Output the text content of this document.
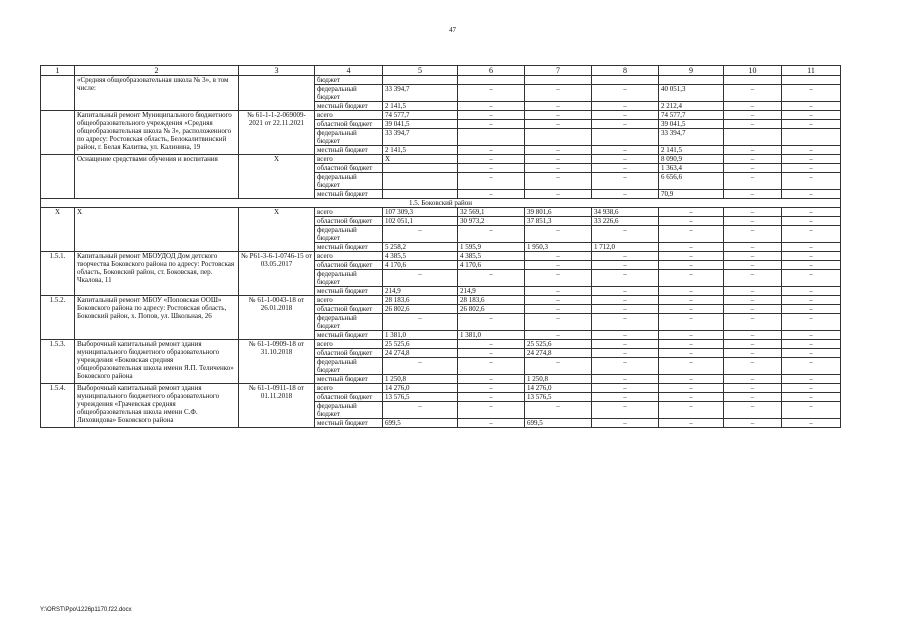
47
1	2	3	4	5	6	7	8	9	10	11
	«Средняя общеобразовательная школа № 3», в том числе:		бюджет							
			федеральный бюджет	33 394,7	–	–	–	40 051,3	–	–
			местный бюджет	2 141,5	–	–	–	2 212,4	–	–
	Капитальный ремонт Муниципального бюджетного общеобразовательного учреждения «Средняя общеобразовательная школа № 3», расположенного по адресу: Ростовская область, Белокалитвинский район, г. Белая Калитва, ул. Калинина, 19	№ 61-1-1-2-069009-2021 от 22.11.2021	всего	74 577,7	–	–	–	74 577,7	–	–
			областной бюджет	39 041,5	–	–	–	39 041,5	–	–
			федеральный бюджет	33 394,7				33 394,7		
			местный бюджет	2 141,5	–	–	–	2 141,5	–	–
	Оснащение средствами обучения и воспитания	Х	всего	Х	–	–	–	8 090,9	–	–
			областной бюджет		–	–	–	1 363,4	–	–
			федеральный бюджет		–	–	–	6 656,6	–	–
			местный бюджет		–	–	–	70,9	–	–
1.5. Боковский район										
Х	Х	Х	всего	107 309,3	32 569,1	39 801,6	34 938,6	–	–	–
			областной бюджет	102 051,1	30 973,2	37 851,3	33 226,6	–	–	–
			федеральный бюджет	–	–	–	–	–	–	–
			местный бюджет	5 258,2	1 595,9	1 950,3	1 712,0	–	–	–
1.5.1.	Капитальный ремонт МБОУДОД Дом детского творчества Боковского района по адресу: Ростовская область, Боковский район, ст. Боковская, пер. Чкалова, 11	№ Р61-3-6-1-0746-15 от 03.05.2017	всего	4 385,5	4 385,5	–	–	–	–	–
			областной бюджет	4 170,6	4 170,6	–	–	–	–	–
			федеральный бюджет	–	–	–	–	–	–	–
			местный бюджет	214,9	214,9	–	–	–	–	–
1.5.2.	Капитальный ремонт МБОУ «Поповская ООШ» Боковского района по адресу: Ростовская область, Боковский район, х. Попов, ул. Школьная, 26	№ 61-1-0043-18 от 26.01.2018	всего	28 183,6	28 183,6	–	–	–	–	–
			областной бюджет	26 802,6	26 802,6	–	–	–	–	–
			федеральный бюджет	–	–	–	–	–	–	–
			местный бюджет	1 381,0	1 381,0	–	–	–	–	–
1.5.3.	Выборочный капитальный ремонт здания муниципального бюджетного образовательного учреждения «Боковская средняя общеобразовательная школа имени Я.П. Теличенко» Боковского района	№ 61-1-0909-18 от 31.10.2018	всего	25 525,6	–	25 525,6	–	–	–	–
			областной бюджет	24 274,8	–	24 274,8	–	–	–	–
			федеральный бюджет	–	–	–	–	–	–	–
			местный бюджет	1 250,8	–	1 250,8	–	–	–	–
1.5.4.	Выборочный капитальный ремонт здания муниципального бюджетного образовательного учреждения «Грачевская средняя общеобразовательная школа имени С.Ф. Лиховидова» Боковского района	№ 61-1-0911-18 от 01.11.2018	всего	14 276,0	–	14 276,0	–	–	–	–
			областной бюджет	13 576,5	–	13 576,5	–	–	–	–
			федеральный бюджет	–	–	–	–	–	–	–
			местный бюджет	699,5	–	699,5	–	–	–	–
Y:\ORST\Ppo\1226p1170.f22.docx
